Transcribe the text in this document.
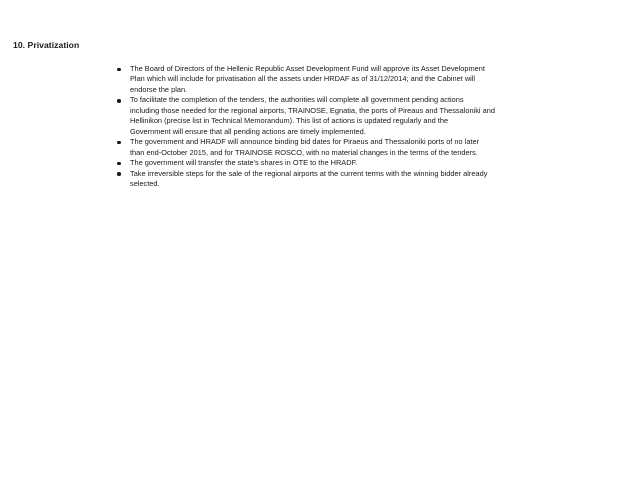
10. Privatization
The Board of Directors of the Hellenic Republic Asset Development Fund will approve its Asset Development
Plan which will include for privatisation all the assets under HRDAF as of 31/12/2014; and the Cabinet will
endorse the plan.
To facilitate the completion of the tenders, the authorities will complete all government pending actions
including those needed for the regional airports, TRAINOSE, Egnatia, the ports of Pireaus and Thessaloniki and
Hellinikon (precise list in Technical Memorandum). This list of actions is updated regularly and the
Government will ensure that all pending actions are timely implemented.
The government and HRADF will announce binding bid dates for Piraeus and Thessaloniki ports of no later
than end-October 2015, and for TRAINOSE ROSCO, with no material changes in the terms of the tenders.
The government will transfer the state's shares in OTE to the HRADF.
Take irreversible steps for the sale of the regional airports at the current terms with the winning bidder already
selected.
